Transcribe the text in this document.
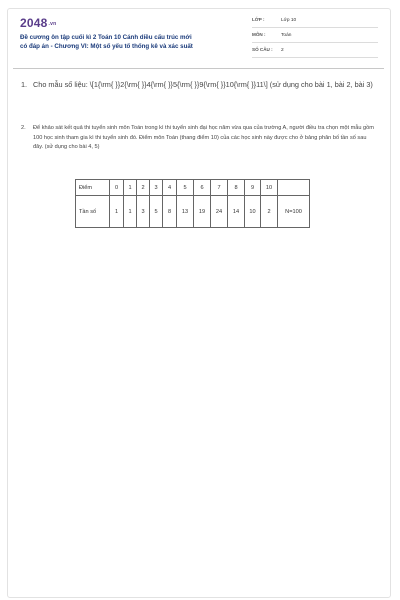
2048.vn
Đề cương ôn tập cuối kì 2 Toán 10 Cánh diều cấu trúc mới
có đáp án - Chương VI: Một số yếu tố thống kê và xác suất
LỚP :	Lớp 10
MÔN :	Toán
SỐ CÂU : 2
1. Cho mẫu số liệu: \[1{\rm{ }}2{\rm{ }}4{\rm{ }}5{\rm{ }}9{\rm{ }}10{\rm{ }}11\] (sử dụng cho bài 1, bài 2, bài 3)
2. Để khảo sát kết quả thi tuyển sinh môn Toán trong kì thi tuyển sinh đại học năm vừa qua của trường A, người điều tra chọn một mẫu gồm 100 học sinh tham gia kì thi tuyển sinh đó. Điểm môn Toán (thang điểm 10) của các học sinh này được cho ở bảng phân bố tần số sau đây. (sử dụng cho bài 4, 5)
Điểm	0	1	2	3	4	5	6	7	8	9	10	
Tần số	1	1	3	5	8	13	19	24	14	10	2	N=100
